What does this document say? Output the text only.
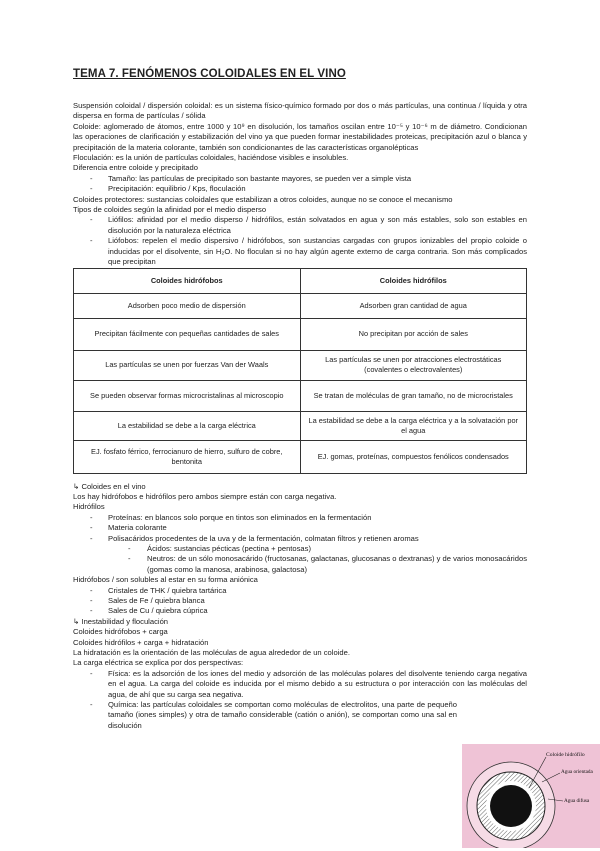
TEMA 7. FENÓMENOS COLOIDALES EN EL VINO

Suspensión coloidal / dispersión coloidal: es un sistema físico-químico formado por dos o más partículas, una continua / líquida y otra dispersa en forma de partículas / sólida

Coloide: aglomerado de átomos, entre 1000 y 10⁹ en disolución, los tamaños oscilan entre 10⁻⁵ y 10⁻⁶ m de diámetro. Condicionan las operaciones de clarificación y estabilización del vino ya que pueden formar inestabilidades proteicas, precipitación azul o blanca y precipitación de la materia colorante, también son condicionantes de las características organolépticas

Floculación: es la unión de partículas coloidales, haciéndose visibles e insolubles.

Diferencia entre coloide y precipitado

- Tamaño: las partículas de precipitado son bastante mayores, se pueden ver a simple vista

- Precipitación: equilibrio / Kps, floculación

Coloides protectores: sustancias coloidales que estabilizan a otros coloides, aunque no se conoce el mecanismo

Tipos de coloides según la afinidad por el medio disperso

- Liófilos: afinidad por el medio disperso / hidrófilos, están solvatados en agua y son más estables, solo son estables en disolución por la naturaleza eléctrica

- Liófobos: repelen el medio dispersivo / hidrófobos, son sustancias cargadas con grupos ionizables del propio coloide o inducidas por el disolvente, sin H₂O. No floculan si no hay algún agente externo de carga contraria. Son más complicados que precipitan

Coloides hidrófobos	Coloides hidrófilos
Adsorben poco medio de dispersión	Adsorben gran cantidad de agua
Precipitan fácilmente con pequeñas cantidades de sales	No precipitan por acción de sales
Las partículas se unen por fuerzas Van der Waals	Las partículas se unen por atracciones electrostáticas (covalentes o electrovalentes)
Se pueden observar formas microcristalinas al microscopio	Se tratan de moléculas de gran tamaño, no de microcristales
La estabilidad se debe a la carga eléctrica	La estabilidad se debe a la carga eléctrica y a la solvatación por el agua
EJ. fosfato férrico, ferrocianuro de hierro, sulfuro de cobre, bentonita	EJ. gomas, proteínas, compuestos fenólicos condensados

↳ Coloides en el vino

Los hay hidrófobos e hidrófilos pero ambos siempre están con carga negativa.

Hidrófilos

- Proteínas: en blancos solo porque en tintos son eliminados en la fermentación

- Materia colorante

- Polisacáridos procedentes de la uva y de la fermentación, colmatan filtros y retienen aromas

- Ácidos: sustancias pécticas (pectina + pentosas)

- Neutros: de un sólo monosacárido (fructosanas, galactanas, glucosanas o dextranas) y de varios monosacáridos (gomas como la manosa, arabinosa, galactosa)

Hidrófobos / son solubles al estar en su forma aniónica

- Cristales de THK / quiebra tartárica

- Sales de Fe / quiebra blanca

- Sales de Cu / quiebra cúprica

↳ Inestabilidad y floculación

Coloides hidrófobos + carga

Coloides hidrófilos + carga + hidratación

La hidratación es la orientación de las moléculas de agua alrededor de un coloide.

La carga eléctrica se explica por dos perspectivas:

- Física: es la adsorción de los iones del medio y adsorción de las moléculas polares del disolvente teniendo carga negativa en el agua. La carga del coloide es inducida por el mismo debido a su estructura o por interacción con las moléculas del agua, de ahí que su carga sea negativa.

- Química: las partículas coloidales se comportan como moléculas de electrolitos, una parte de pequeño tamaño (iones simples) y otra de tamaño considerable (catión o anión), se comportan como una sal en disolución

Coloide hidrófilo
Agua orientada
Agua difusa
